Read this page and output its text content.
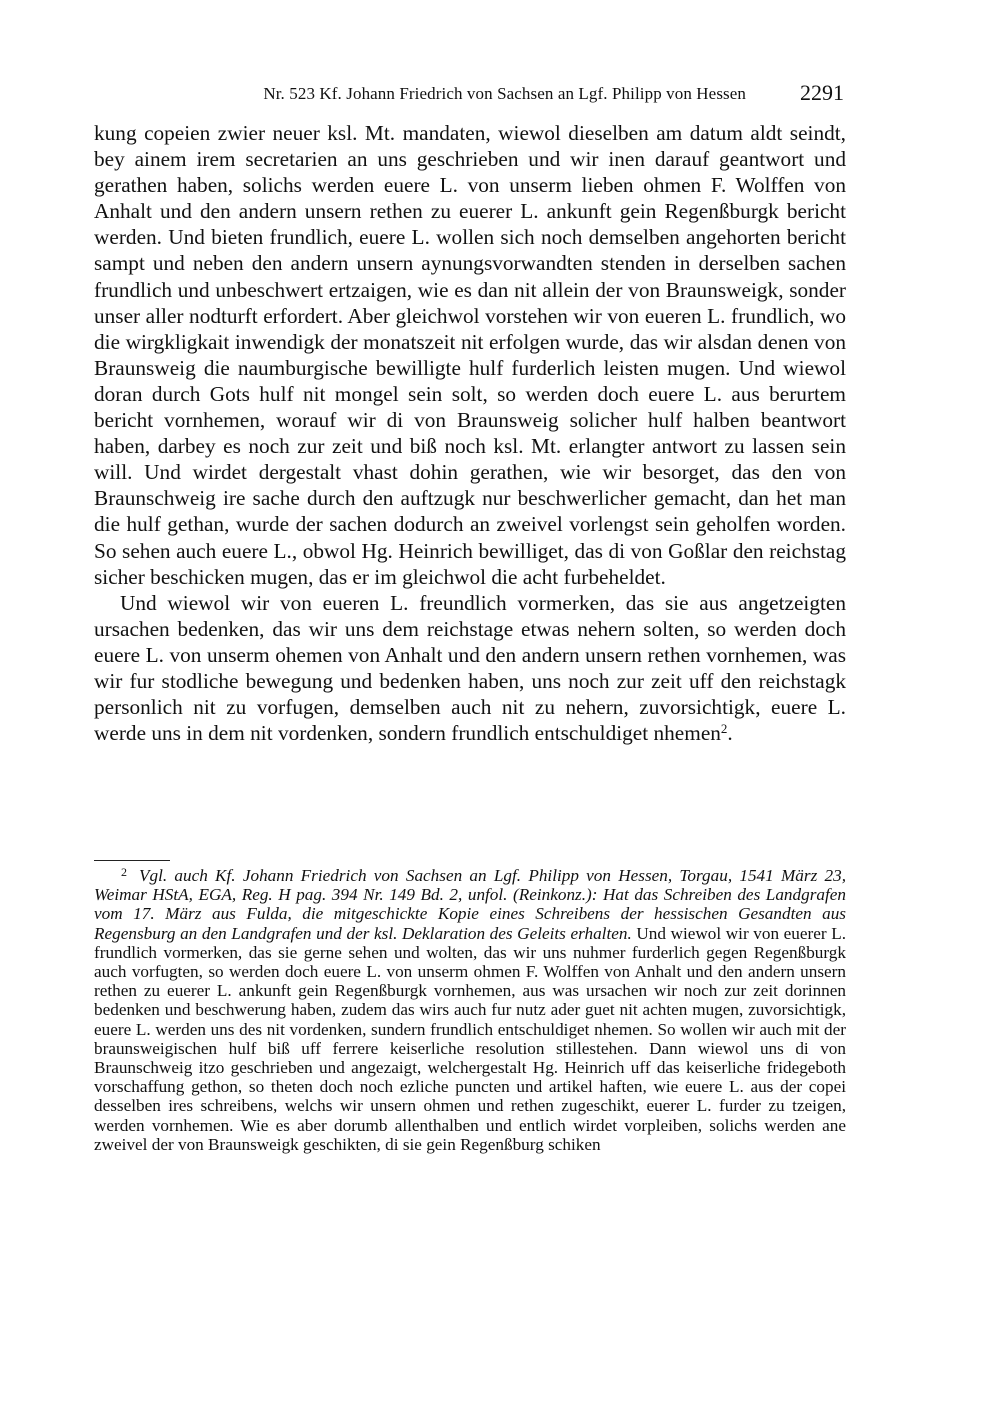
Nr. 523 Kf. Johann Friedrich von Sachsen an Lgf. Philipp von Hessen 2291

kung copeien zwier neuer ksl. Mt. mandaten, wiewol dieselben am datum aldt seindt, bey ainem irem secretarien an uns geschrieben und wir inen darauf geantwort und gerathen haben, solichs werden euere L. von unserm lieben ohmen F. Wolffen von Anhalt und den andern unsern rethen zu euerer L. ankunft gein Regenßburgk bericht werden. Und bieten frundlich, euere L. wollen sich noch demselben angehorten bericht sampt und neben den andern unsern aynungsvorwandten stenden in derselben sachen frundlich und unbeschwert ertzaigen, wie es dan nit allein der von Braunsweigk, sonder unser aller nodturft erfordert. Aber gleichwol vorstehen wir von eueren L. frundlich, wo die wirgkligkait inwendigk der monatszeit nit erfolgen wurde, das wir alsdan denen von Braunsweig die naumburgische bewilligte hulf furderlich leisten mugen. Und wiewol doran durch Gots hulf nit mongel sein solt, so werden doch euere L. aus berurtem bericht vornhemen, worauf wir di von Braunsweig solicher hulf halben beantwort haben, darbey es noch zur zeit und biß noch ksl. Mt. erlangter antwort zu lassen sein will. Und wirdet dergestalt vhast dohin gerathen, wie wir besorget, das den von Braunschweig ire sache durch den auftzugk nur beschwerlicher gemacht, dan het man die hulf gethan, wurde der sachen dodurch an zweivel vorlengst sein geholfen worden. So sehen auch euere L., obwol Hg. Heinrich bewilliget, das di von Goßlar den reichstag sicher beschicken mugen, das er im gleichwol die acht furbeheldet.

Und wiewol wir von eueren L. freundlich vormerken, das sie aus angetzeigten ursachen bedenken, das wir uns dem reichstage etwas nehern solten, so werden doch euere L. von unserm ohemen von Anhalt und den andern unsern rethen vornhemen, was wir fur stodliche bewegung und bedenken haben, uns noch zur zeit uff den reichstagk personlich nit zu vorfugen, demselben auch nit zu nehern, zuvorsichtigk, euere L. werde uns in dem nit vordenken, sondern frundlich entschuldiget nhemen$^2$.

$^2$ Vgl. auch Kf. Johann Friedrich von Sachsen an Lgf. Philipp von Hessen, Torgau, 1541 März 23, Weimar HStA, EGA, Reg. H pag. 394 Nr. 149 Bd. 2, unfol. (Reinkonz.): Hat das Schreiben des Landgrafen vom 17. März aus Fulda, die mitgeschickte Kopie eines Schreibens der hessischen Gesandten aus Regensburg an den Landgrafen und der ksl. Deklaration des Geleits erhalten. Und wiewol wir von euerer L. frundlich vormerken, das sie gerne sehen und wolten, das wir uns nuhmer furderlich gegen Regenßburgk auch vorfugten, so werden doch euere L. von unserm ohmen F. Wolffen von Anhalt und den andern unsern rethen zu euerer L. ankunft gein Regenßburgk vornhemen, aus was ursachen wir noch zur zeit dorinnen bedenken und beschwerung haben, zudem das wirs auch fur nutz ader guet nit achten mugen, zuvorsichtigk, euere L. werden uns des nit vordenken, sundern frundlich entschuldiget nhemen. So wollen wir auch mit der braunsweigischen hulf biß uff ferrere keiserliche resolution stillestehen. Dann wiewol uns di von Braunschweig itzo geschrieben und angezaigt, welchergestalt Hg. Heinrich uff das keiserliche fridegeboth vorschaffung gethon, so theten doch noch ezliche puncten und artikel haften, wie euere L. aus der copei desselben ires schreibens, welchs wir unsern ohmen und rethen zugeschikt, euerer L. furder zu tzeigen, werden vornhemen. Wie es aber dorumb allenthalben und entlich wirdet vorpleiben, solichs werden ane zweivel der von Braunsweigk geschikten, di sie gein Regenßburg schiken
